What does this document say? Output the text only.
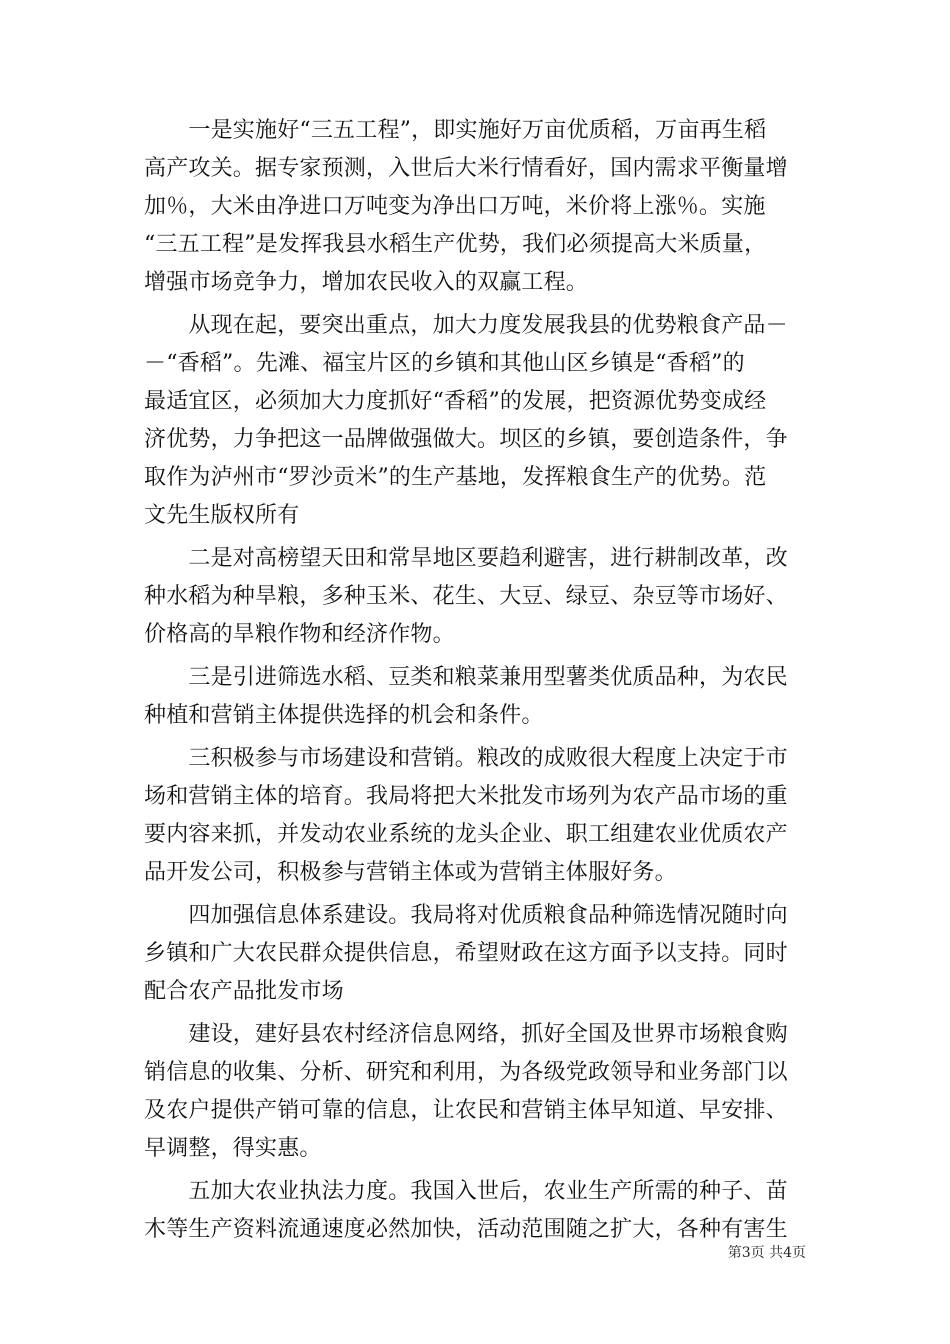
　　一是实施好“三五工程”，即实施好万亩优质稻，万亩再生稻
高产攻关。据专家预测，入世后大米行情看好，国内需求平衡量增
加％，大米由净进口万吨变为净出口万吨，米价将上涨％。实施
“三五工程”是发挥我县水稻生产优势，我们必须提高大米质量，
增强市场竞争力，增加农民收入的双赢工程。

　　从现在起，要突出重点，加大力度发展我县的优势粮食产品－
－“香稻”。先滩、福宝片区的乡镇和其他山区乡镇是“香稻”的
最适宜区，必须加大力度抓好“香稻”的发展，把资源优势变成经
济优势，力争把这一品牌做强做大。坝区的乡镇，要创造条件，争
取作为泸州市“罗沙贡米”的生产基地，发挥粮食生产的优势。范
文先生版权所有

　　二是对高榜望天田和常旱地区要趋利避害，进行耕制改革，改
种水稻为种旱粮，多种玉米、花生、大豆、绿豆、杂豆等市场好、
价格高的旱粮作物和经济作物。

　　三是引进筛选水稻、豆类和粮菜兼用型薯类优质品种，为农民
种植和营销主体提供选择的机会和条件。

　　三积极参与市场建设和营销。粮改的成败很大程度上决定于市
场和营销主体的培育。我局将把大米批发市场列为农产品市场的重
要内容来抓，并发动农业系统的龙头企业、职工组建农业优质农产
品开发公司，积极参与营销主体或为营销主体服好务。

　　四加强信息体系建设。我局将对优质粮食品种筛选情况随时向
乡镇和广大农民群众提供信息，希望财政在这方面予以支持。同时
配合农产品批发市场

　　建设，建好县农村经济信息网络，抓好全国及世界市场粮食购
销信息的收集、分析、研究和利用，为各级党政领导和业务部门以
及农户提供产销可靠的信息，让农民和营销主体早知道、早安排、
早调整，得实惠。

　　五加大农业执法力度。我国入世后，农业生产所需的种子、苗
木等生产资料流通速度必然加快，活动范围随之扩大，各种有害生

第3页 共4页
